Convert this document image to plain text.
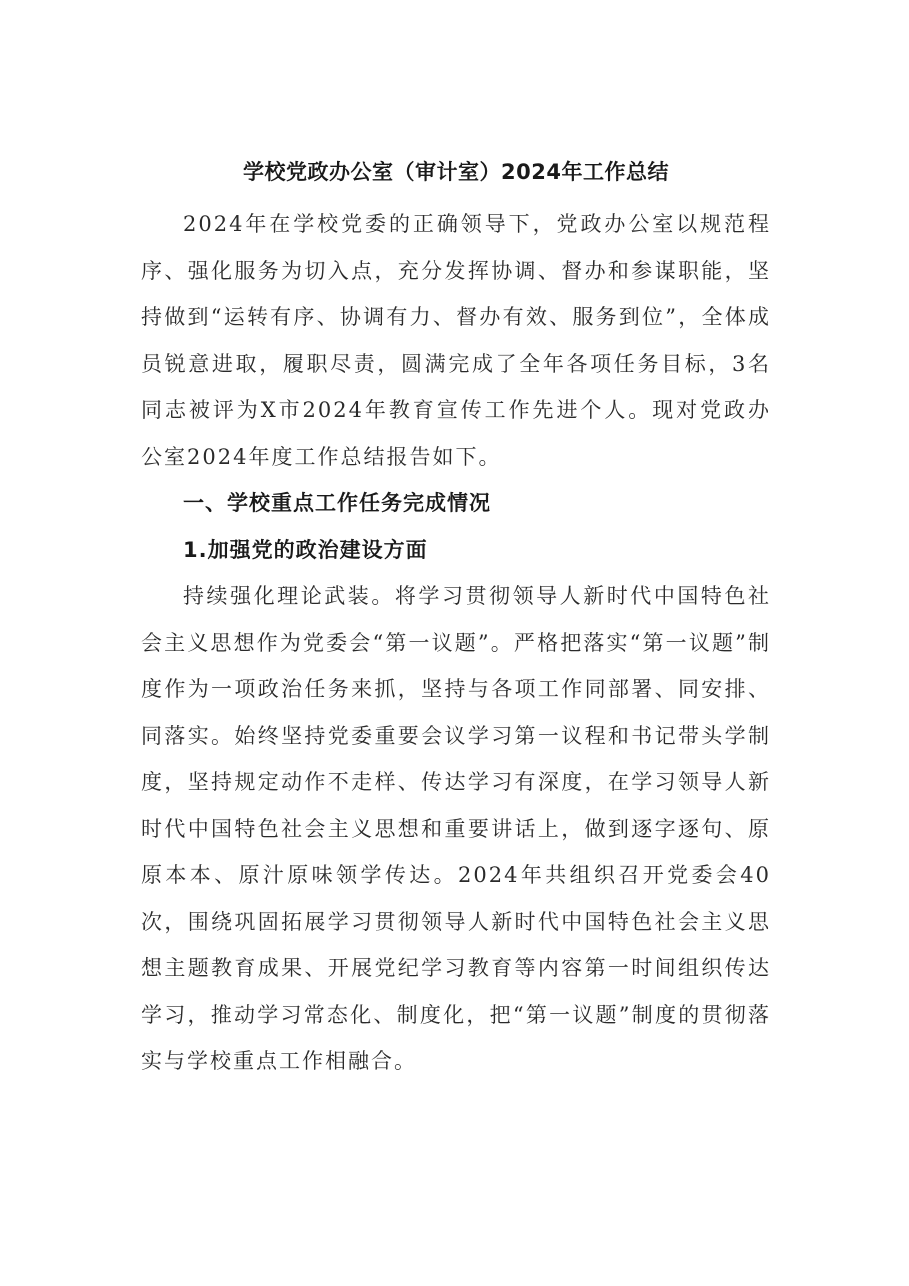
学校党政办公室（审计室）2024年工作总结

2024年在学校党委的正确领导下，党政办公室以规范程序、强化服务为切入点，充分发挥协调、督办和参谋职能，坚持做到“运转有序、协调有力、督办有效、服务到位”，全体成员锐意进取，履职尽责，圆满完成了全年各项任务目标，3名同志被评为X市2024年教育宣传工作先进个人。现对党政办公室2024年度工作总结报告如下。

一、学校重点工作任务完成情况

1.加强党的政治建设方面

持续强化理论武装。将学习贯彻领导人新时代中国特色社会主义思想作为党委会“第一议题”。严格把落实“第一议题”制度作为一项政治任务来抓，坚持与各项工作同部署、同安排、同落实。始终坚持党委重要会议学习第一议程和书记带头学制度，坚持规定动作不走样、传达学习有深度，在学习领导人新时代中国特色社会主义思想和重要讲话上，做到逐字逐句、原原本本、原汁原味领学传达。2024年共组织召开党委会40次，围绕巩固拓展学习贯彻领导人新时代中国特色社会主义思想主题教育成果、开展党纪学习教育等内容第一时间组织传达学习，推动学习常态化、制度化，把“第一议题”制度的贯彻落实与学校重点工作相融合。
